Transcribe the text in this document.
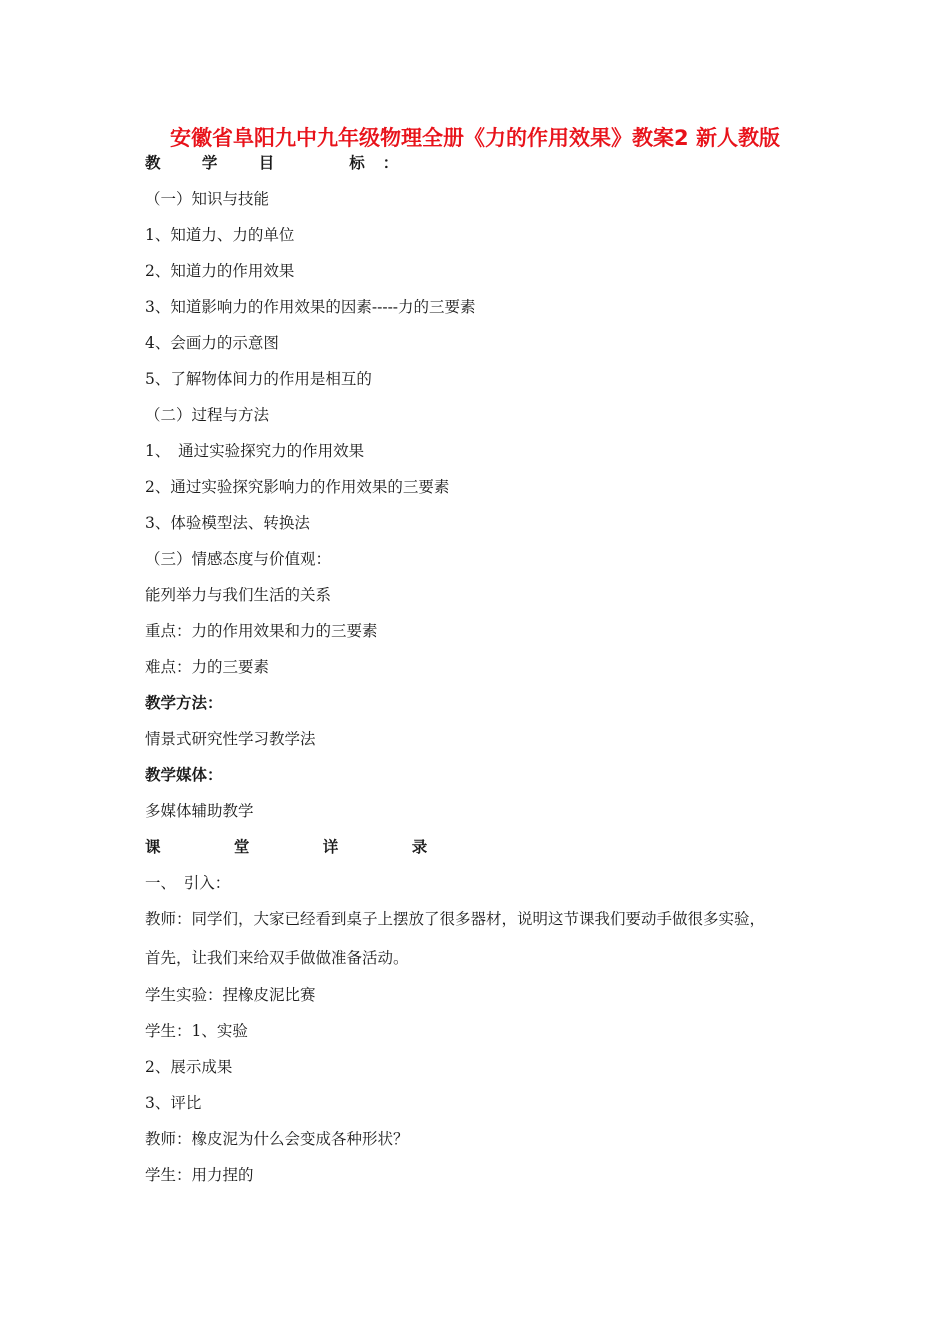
安徽省阜阳九中九年级物理全册《力的作用效果》教案2 新人教版
教 学 目　 标：
（一）知识与技能
1、知道力、力的单位
2、知道力的作用效果
3、知道影响力的作用效果的因素-----力的三要素
4、会画力的示意图
5、了解物体间力的作用是相互的
（二）过程与方法
1、　通过实验探究力的作用效果
2、通过实验探究影响力的作用效果的三要素
3、体验模型法、转换法
（三）情感态度与价值观：
能列举力与我们生活的关系
重点：力的作用效果和力的三要素
难点：力的三要素
教学方法：
情景式研究性学习教学法
教学媒体：
多媒体辅助教学
课 堂 详 录
一、　引入：
教师：同学们，大家已经看到桌子上摆放了很多器材，说明这节课我们要动手做很多实验，
首先，让我们来给双手做做准备活动。
学生实验：捏橡皮泥比赛
学生：1、实验
2、展示成果
3、评比
教师：橡皮泥为什么会变成各种形状？
学生：用力捏的
